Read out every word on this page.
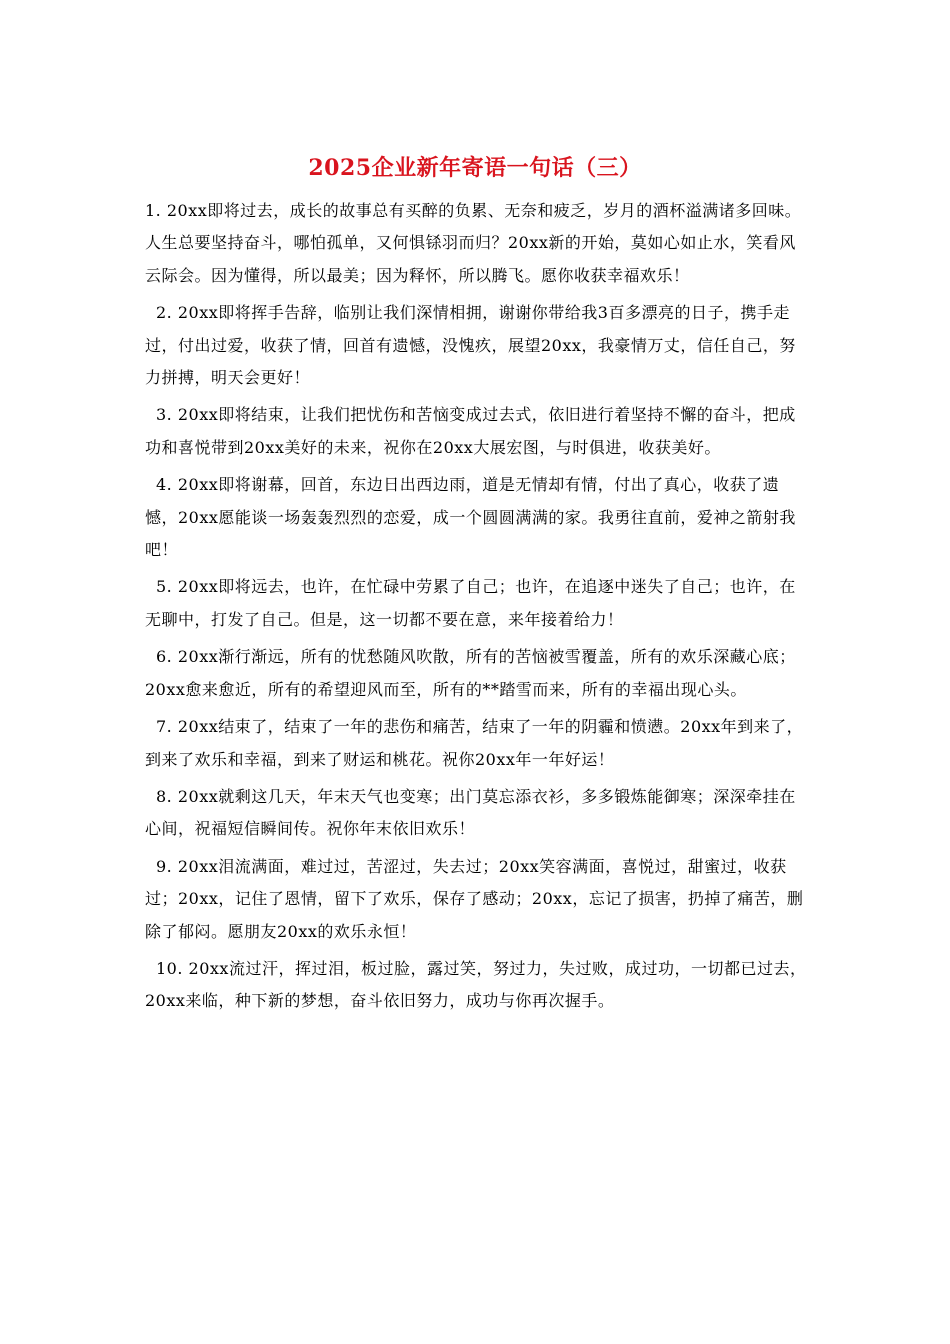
2025企业新年寄语一句话（三）

1. 20xx即将过去，成长的故事总有买醉的负累、无奈和疲乏，岁月的酒杯溢满诸多回味。人生总要坚持奋斗，哪怕孤单，又何惧铩羽而归？20xx新的开始，莫如心如止水，笑看风云际会。因为懂得，所以最美；因为释怀，所以腾飞。愿你收获幸福欢乐！

2. 20xx即将挥手告辞，临别让我们深情相拥，谢谢你带给我3百多漂亮的日子，携手走过，付出过爱，收获了情，回首有遗憾，没愧疚，展望20xx，我豪情万丈，信任自己，努力拼搏，明天会更好！

3. 20xx即将结束，让我们把忧伤和苦恼变成过去式，依旧进行着坚持不懈的奋斗，把成功和喜悦带到20xx美好的未来，祝你在20xx大展宏图，与时俱进，收获美好。

4. 20xx即将谢幕，回首，东边日出西边雨，道是无情却有情，付出了真心，收获了遗憾，20xx愿能谈一场轰轰烈烈的恋爱，成一个圆圆满满的家。我勇往直前，爱神之箭射我吧！

5. 20xx即将远去，也许，在忙碌中劳累了自己；也许，在追逐中迷失了自己；也许，在无聊中，打发了自己。但是，这一切都不要在意，来年接着给力！

6. 20xx渐行渐远，所有的忧愁随风吹散，所有的苦恼被雪覆盖，所有的欢乐深藏心底；20xx愈来愈近，所有的希望迎风而至，所有的**踏雪而来，所有的幸福出现心头。

7. 20xx结束了，结束了一年的悲伤和痛苦，结束了一年的阴霾和愤懑。20xx年到来了，到来了欢乐和幸福，到来了财运和桃花。祝你20xx年一年好运！

8. 20xx就剩这几天，年末天气也变寒；出门莫忘添衣衫，多多锻炼能御寒；深深牵挂在心间，祝福短信瞬间传。祝你年末依旧欢乐！

9. 20xx泪流满面，难过过，苦涩过，失去过；20xx笑容满面，喜悦过，甜蜜过，收获过；20xx，记住了恩情，留下了欢乐，保存了感动；20xx，忘记了损害，扔掉了痛苦，删除了郁闷。愿朋友20xx的欢乐永恒！

10. 20xx流过汗，挥过泪，板过脸，露过笑，努过力，失过败，成过功，一切都已过去，20xx来临，种下新的梦想，奋斗依旧努力，成功与你再次握手。
